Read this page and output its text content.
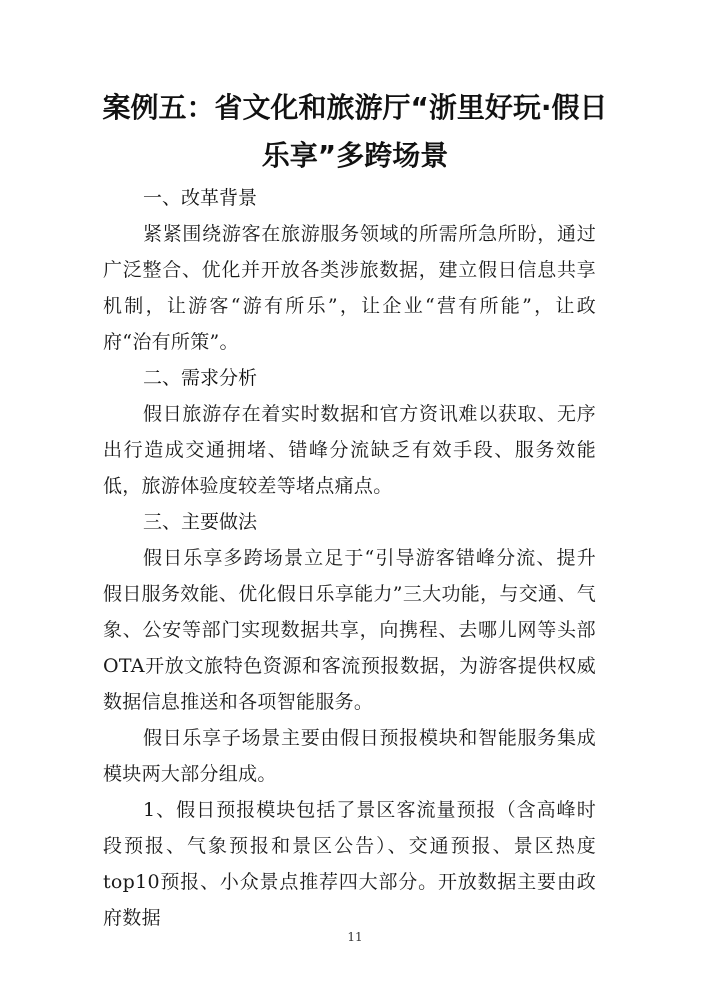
案例五：省文化和旅游厅“浙里好玩·假日
乐享”多跨场景
一、改革背景

紧紧围绕游客在旅游服务领域的所需所急所盼，通过广泛整合、优化并开放各类涉旅数据，建立假日信息共享机制，让游客“游有所乐”，让企业“营有所能”，让政府“治有所策”。

二、需求分析

假日旅游存在着实时数据和官方资讯难以获取、无序出行造成交通拥堵、错峰分流缺乏有效手段、服务效能低，旅游体验度较差等堵点痛点。

三、主要做法

假日乐享多跨场景立足于“引导游客错峰分流、提升假日服务效能、优化假日乐享能力”三大功能，与交通、气象、公安等部门实现数据共享，向携程、去哪儿网等头部OTA开放文旅特色资源和客流预报数据，为游客提供权威数据信息推送和各项智能服务。

假日乐享子场景主要由假日预报模块和智能服务集成模块两大部分组成。

1、假日预报模块包括了景区客流量预报（含高峰时段预报、气象预报和景区公告）、交通预报、景区热度top10预报、小众景点推荐四大部分。开放数据主要由政府数据

11
